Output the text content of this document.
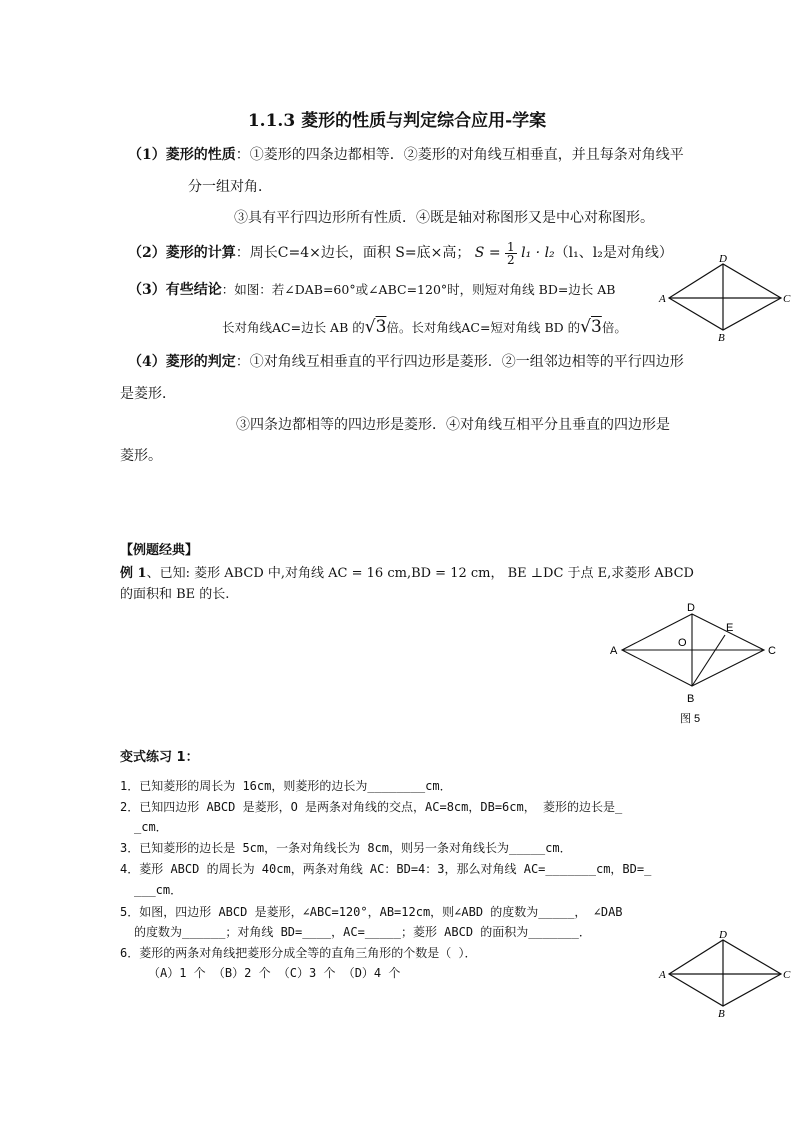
1.1.3 菱形的性质与判定综合应用-学案
（1）菱形的性质：①菱形的四条边都相等．②菱形的对角线互相垂直，并且每条对角线平
分一组对角．
③具有平行四边形所有性质．④既是轴对称图形又是中心对称图形。
（2）菱形的计算：周长C=4×边长，面积 S=底×高； $S = \frac{1}{2} l_1 \cdot l_2(l_1$、l₂是对角线）
（3）有些结论：如图：若∠DAB=60°或∠ABC=120°时，则短对角线 BD=边长 AB
长对角线AC=边长 AB 的√3倍。长对角线AC=短对角线 BD 的√3倍。
A
D
C
B
（4）菱形的判定：①对角线互相垂直的平行四边形是菱形．②一组邻边相等的平行四边形
是菱形．
③四条边都相等的四边形是菱形．④对角线互相平分且垂直的四边形是
菱形。
【例题经典】
例 1、已知: 菱形 ABCD 中,对角线 AC = 16 cm,BD = 12 cm， BE ⊥DC 于点 E,求菱形 ABCD
的面积和 BE 的长.
A
D
C
B
E
O
图 5
变式练习 1：
1．已知菱形的周长为 16cm，则菱形的边长为________cm．
2．已知四边形 ABCD 是菱形，O 是两条对角线的交点，AC=8cm，DB=6cm， 菱形的边长是_
_cm．
3．已知菱形的边长是 5cm，一条对角线长为 8cm，则另一条对角线长为_____cm．
4．菱形 ABCD 的周长为 40cm，两条对角线 AC：BD=4：3，那么对角线 AC=_______cm，BD=_
___cm．
5．如图，四边形 ABCD 是菱形，∠ABC=120°，AB=12cm，则∠ABD 的度数为_____， ∠DAB
的度数为______；对角线 BD=____，AC=_____；菱形 ABCD 的面积为_______．
6．菱形的两条对角线把菱形分成全等的直角三角形的个数是（ ）．
（A）1 个 （B）2 个 （C）3 个 （D）4 个	A
D
C
B
